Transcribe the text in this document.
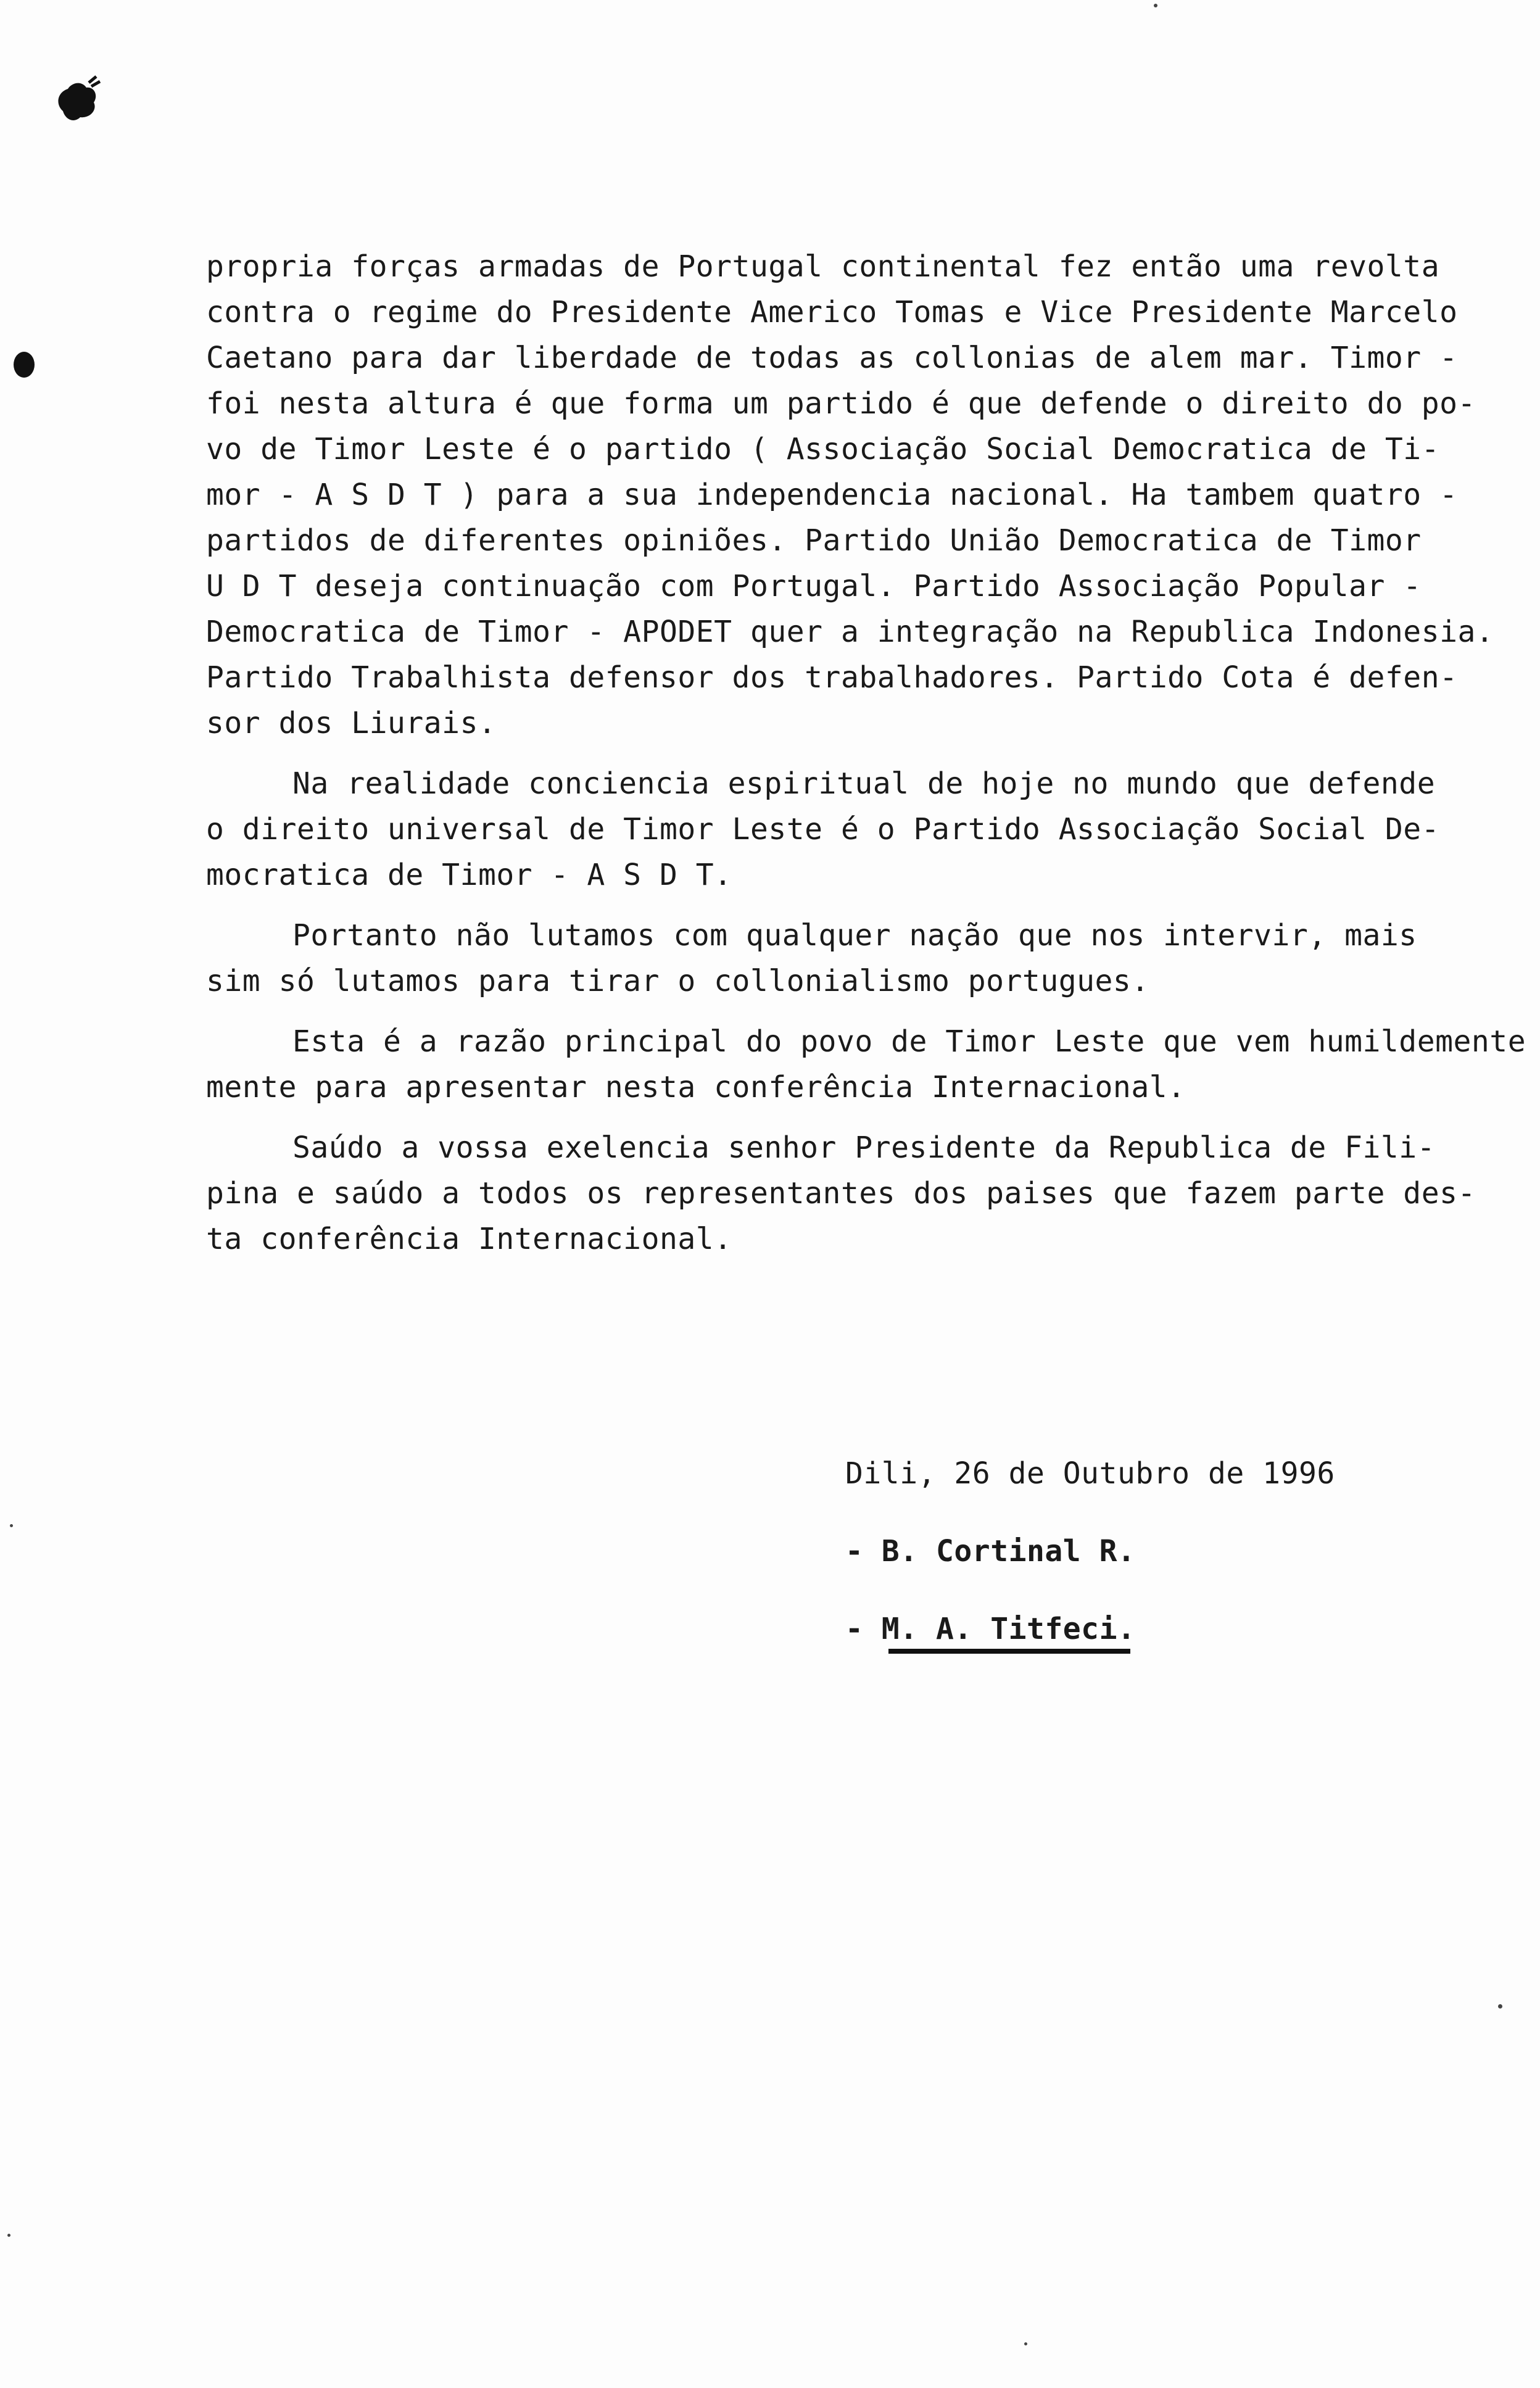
propria forças armadas de Portugal continental fez então uma revolta
contra o regime do Presidente Americo Tomas e Vice Presidente Marcelo
Caetano para dar liberdade de todas as collonias de alem mar. Timor -
foi nesta altura é que forma um partido é que defende o direito do po-
vo de Timor Leste é o partido ( Associação Social Democratica de Ti-
mor - A S D T ) para a sua independencia nacional. Ha tambem quatro -
partidos de diferentes opiniões. Partido União Democratica de Timor
U D T deseja continuação com Portugal. Partido Associação Popular -
Democratica de Timor - APODET quer a integração na Republica Indonesia.
Partido Trabalhista defensor dos trabalhadores. Partido Cota é defen-
sor dos Liurais.
Na realidade conciencia espiritual de hoje no mundo que defende
o direito universal de Timor Leste é o Partido Associação Social De-
mocratica de Timor - A S D T.
Portanto não lutamos com qualquer nação que nos intervir, mais
sim só lutamos para tirar o collonialismo portugues.
Esta é a razão principal do povo de Timor Leste que vem humildemente
mente para apresentar nesta conferência Internacional.
Saúdo a vossa exelencia senhor Presidente da Republica de Fili-
pina e saúdo a todos os representantes dos paises que fazem parte des-
ta conferência Internacional.
Dili, 26 de Outubro de 1996
- B. Cortinal R.
- M. A. Titfeci.
